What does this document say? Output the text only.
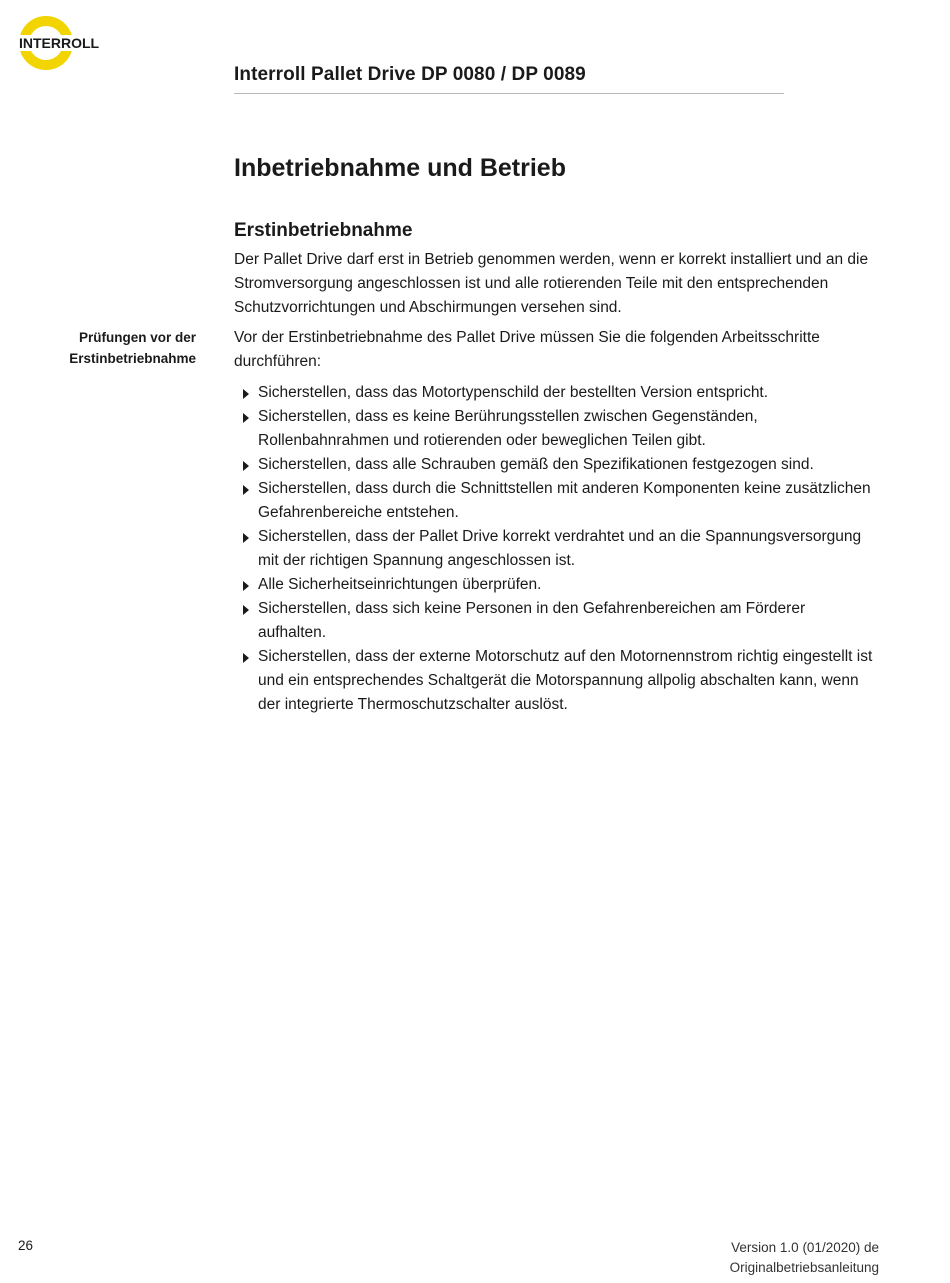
INTERROLL
Interroll Pallet Drive DP 0080 / DP 0089
Inbetriebnahme und Betrieb
Erstinbetriebnahme

Der Pallet Drive darf erst in Betrieb genommen werden, wenn er korrekt installiert und an die Stromversorgung angeschlossen ist und alle rotierenden Teile mit den entsprechenden Schutzvorrichtungen und Abschirmungen versehen sind.

Prüfungen vor der
Erstinbetriebnahme

Vor der Erstinbetriebnahme des Pallet Drive müssen Sie die folgenden Arbeitsschritte durchführen:

Sicherstellen, dass das Motortypenschild der bestellten Version entspricht.
Sicherstellen, dass es keine Berührungsstellen zwischen Gegenständen, Rollenbahnrahmen und rotierenden oder beweglichen Teilen gibt.
Sicherstellen, dass alle Schrauben gemäß den Spezifikationen festgezogen sind.
Sicherstellen, dass durch die Schnittstellen mit anderen Komponenten keine zusätzlichen Gefahrenbereiche entstehen.
Sicherstellen, dass der Pallet Drive korrekt verdrahtet und an die Spannungsversorgung mit der richtigen Spannung angeschlossen ist.
Alle Sicherheitseinrichtungen überprüfen.
Sicherstellen, dass sich keine Personen in den Gefahrenbereichen am Förderer aufhalten.
Sicherstellen, dass der externe Motorschutz auf den Motornennstrom richtig eingestellt ist und ein entsprechendes Schaltgerät die Motorspannung allpolig abschalten kann, wenn der integrierte Thermoschutzschalter auslöst.
26	Version 1.0 (01/2020) de
Originalbetriebsanleitung
